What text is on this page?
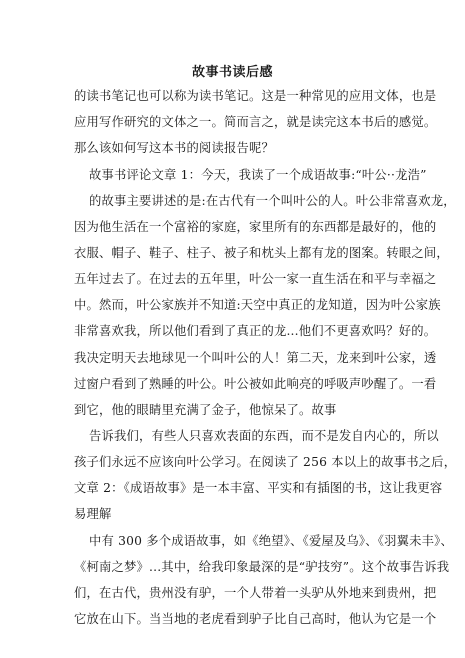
故事书读后感
的读书笔记也可以称为读书笔记。这是一种常见的应用文体，也是
应用写作研究的文体之一。简而言之，就是读完这本书后的感觉。
那么该如何写这本书的阅读报告呢？
故事书评论文章 1：今天，我读了一个成语故事:“叶公··龙浩”
的故事主要讲述的是:在古代有一个叫叶公的人。叶公非常喜欢龙，
因为他生活在一个富裕的家庭，家里所有的东西都是最好的，他的
衣服、帽子、鞋子、柱子、被子和枕头上都有龙的图案。转眼之间，
五年过去了。在过去的五年里，叶公一家一直生活在和平与幸福之
中。然而，叶公家族并不知道:天空中真正的龙知道，因为叶公家族
非常喜欢我，所以他们看到了真正的龙...他们不更喜欢吗？好的。
我决定明天去地球见一个叫叶公的人！第二天，龙来到叶公家，透
过窗户看到了熟睡的叶公。叶公被如此响亮的呼吸声吵醒了。一看
到它，他的眼睛里充满了金子，他惊呆了。故事
告诉我们，有些人只喜欢表面的东西，而不是发自内心的，所以
孩子们永远不应该向叶公学习。在阅读了 256 本以上的故事书之后，
文章 2：《成语故事》是一本丰富、平实和有插图的书，这让我更容
易理解
中有 300 多个成语故事，如《绝望》、《爱屋及乌》、《羽翼未丰》、
《柯南之梦》...其中，给我印象最深的是“驴技穷”。这个故事告诉我
们，在古代，贵州没有驴，一个人带着一头驴从外地来到贵州，把
它放在山下。当当地的老虎看到驴子比自己高时，他认为它是一个
